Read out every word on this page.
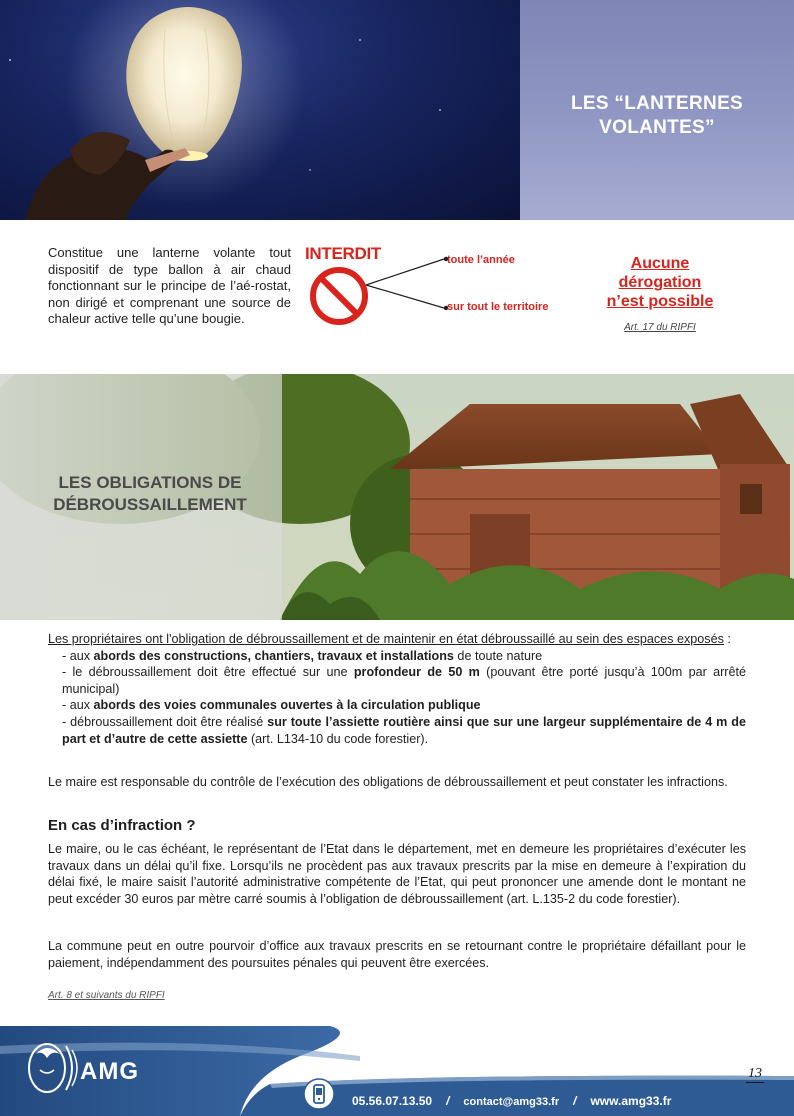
LES “LANTERNES
VOLANTES”

Constitue une lanterne volante tout dispositif de type ballon à air chaud fonctionnant sur le principe de l’aé-rostat, non dirigé et comprenant une source de chaleur active telle qu’une bougie.

INTERDIT	toute l’année
sur tout le territoire
Aucune
dérogation
n’est possible
Art. 17 du RIPFI
LES OBLIGATIONS DE
DÉBROUSSAILLEMENT

Les propriétaires ont l'obligation de débroussaillement et de maintenir en état débroussaillé au sein des espaces exposés :

- aux abords des constructions, chantiers, travaux et installations de toute nature

- le débroussaillement doit être effectué sur une profondeur de 50 m (pouvant être porté jusqu’à 100m par arrêté municipal)

- aux abords des voies communales ouvertes à la circulation publique

- débroussaillement doit être réalisé sur toute l’assiette routière ainsi que sur une largeur supplémentaire de 4 m de part et d’autre de cette assiette (art. L134-10 du code forestier).

Le maire est responsable du contrôle de l’exécution des obligations de débroussaillement et peut constater les infractions.

En cas d’infraction ?

Le maire, ou le cas échéant, le représentant de l’Etat dans le département, met en demeure les propriétaires d’exécuter les travaux dans un délai qu’il fixe. Lorsqu’ils ne procèdent pas aux travaux prescrits par la mise en demeure à l’expiration du délai fixé, le maire saisit l’autorité administrative compétente de l’Etat, qui peut prononcer une amende dont le montant ne peut excéder 30 euros par mètre carré soumis à l’obligation de débroussaillement (art. L.135-2 du code forestier).

La commune peut en outre pourvoir d’office aux travaux prescrits en se retournant contre le propriétaire défaillant pour le paiement, indépendamment des poursuites pénales qui peuvent être exercées.

Art. 8 et suivants du RIPFI
AMG	13
05.56.07.13.50 / contact@amg33.fr / www.amg33.fr
